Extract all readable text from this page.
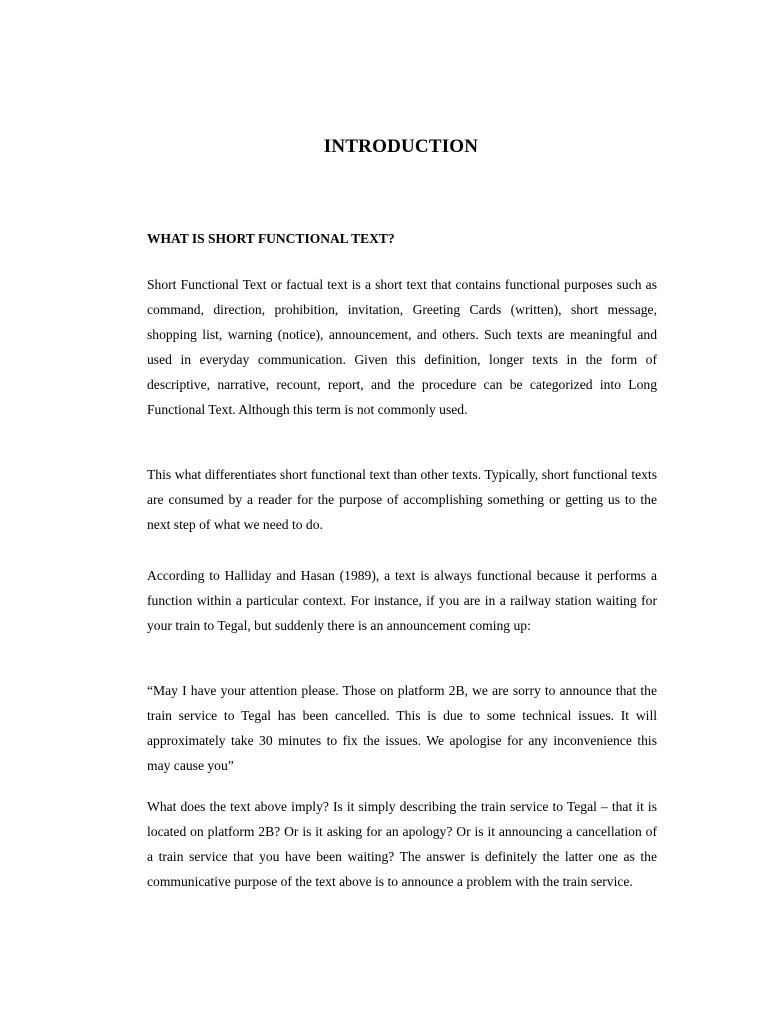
INTRODUCTION
WHAT IS SHORT FUNCTIONAL TEXT?

Short Functional Text or factual text is a short text that contains functional purposes such as command, direction, prohibition, invitation, Greeting Cards (written), short message, shopping list, warning (notice), announcement, and others. Such texts are meaningful and used in everyday communication. Given this definition, longer texts in the form of descriptive, narrative, recount, report, and the procedure can be categorized into Long Functional Text. Although this term is not commonly used.

This what differentiates short functional text than other texts. Typically, short functional texts are consumed by a reader for the purpose of accomplishing something or getting us to the next step of what we need to do.

According to Halliday and Hasan (1989), a text is always functional because it performs a function within a particular context. For instance, if you are in a railway station waiting for your train to Tegal, but suddenly there is an announcement coming up:

“May I have your attention please. Those on platform 2B, we are sorry to announce that the train service to Tegal has been cancelled. This is due to some technical issues. It will approximately take 30 minutes to fix the issues. We apologise for any inconvenience this may cause you”

What does the text above imply? Is it simply describing the train service to Tegal – that it is located on platform 2B? Or is it asking for an apology? Or is it announcing a cancellation of a train service that you have been waiting? The answer is definitely the latter one as the communicative purpose of the text above is to announce a problem with the train service.
